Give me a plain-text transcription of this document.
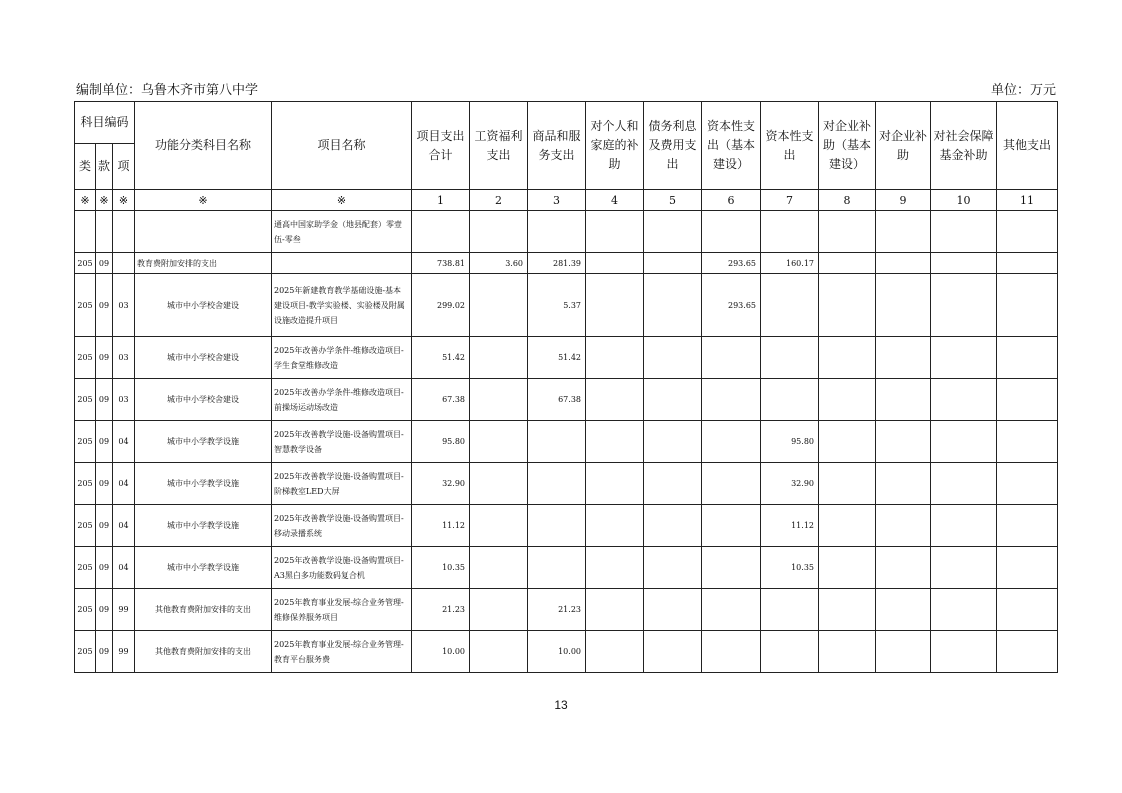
编制单位：乌鲁木齐市第八中学	单位：万元
科目编码			功能分类科目名称	项目名称	项目支出合计	工资福利支出	商品和服务支出	对个人和家庭的补助	债务利息及费用支出	资本性支出（基本建设）	资本性支出	对企业补助（基本建设）	对企业补助	对社会保障基金补助	其他支出
类	款	项													
※	※	※	※	※	1	2	3	4	5	6	7	8	9	10	11
				通高中国家助学金（地县配套）零壹伍-零叁											
205	09		教育费附加安排的支出		738.81	3.60	281.39			293.65	160.17				
205	09	03	城市中小学校舍建设	2025年新建教育教学基础设施-基本建设项目-教学实验楼、实验楼及附属设施改造提升项目	299.02		5.37			293.65					
205	09	03	城市中小学校舍建设	2025年改善办学条件-维修改造项目-学生食堂维修改造	51.42		51.42								
205	09	03	城市中小学校舍建设	2025年改善办学条件-维修改造项目-前操场运动场改造	67.38		67.38								
205	09	04	城市中小学教学设施	2025年改善教学设施-设备购置项目-智慧教学设备	95.80						95.80				
205	09	04	城市中小学教学设施	2025年改善教学设施-设备购置项目-阶梯教室LED大屏	32.90						32.90				
205	09	04	城市中小学教学设施	2025年改善教学设施-设备购置项目-移动录播系统	11.12						11.12				
205	09	04	城市中小学教学设施	2025年改善教学设施-设备购置项目-A3黑白多功能数码复合机	10.35						10.35				
205	09	99	其他教育费附加安排的支出	2025年教育事业发展-综合业务管理-维修保养服务项目	21.23		21.23								
205	09	99	其他教育费附加安排的支出	2025年教育事业发展-综合业务管理-教育平台服务费	10.00		10.00								
13
